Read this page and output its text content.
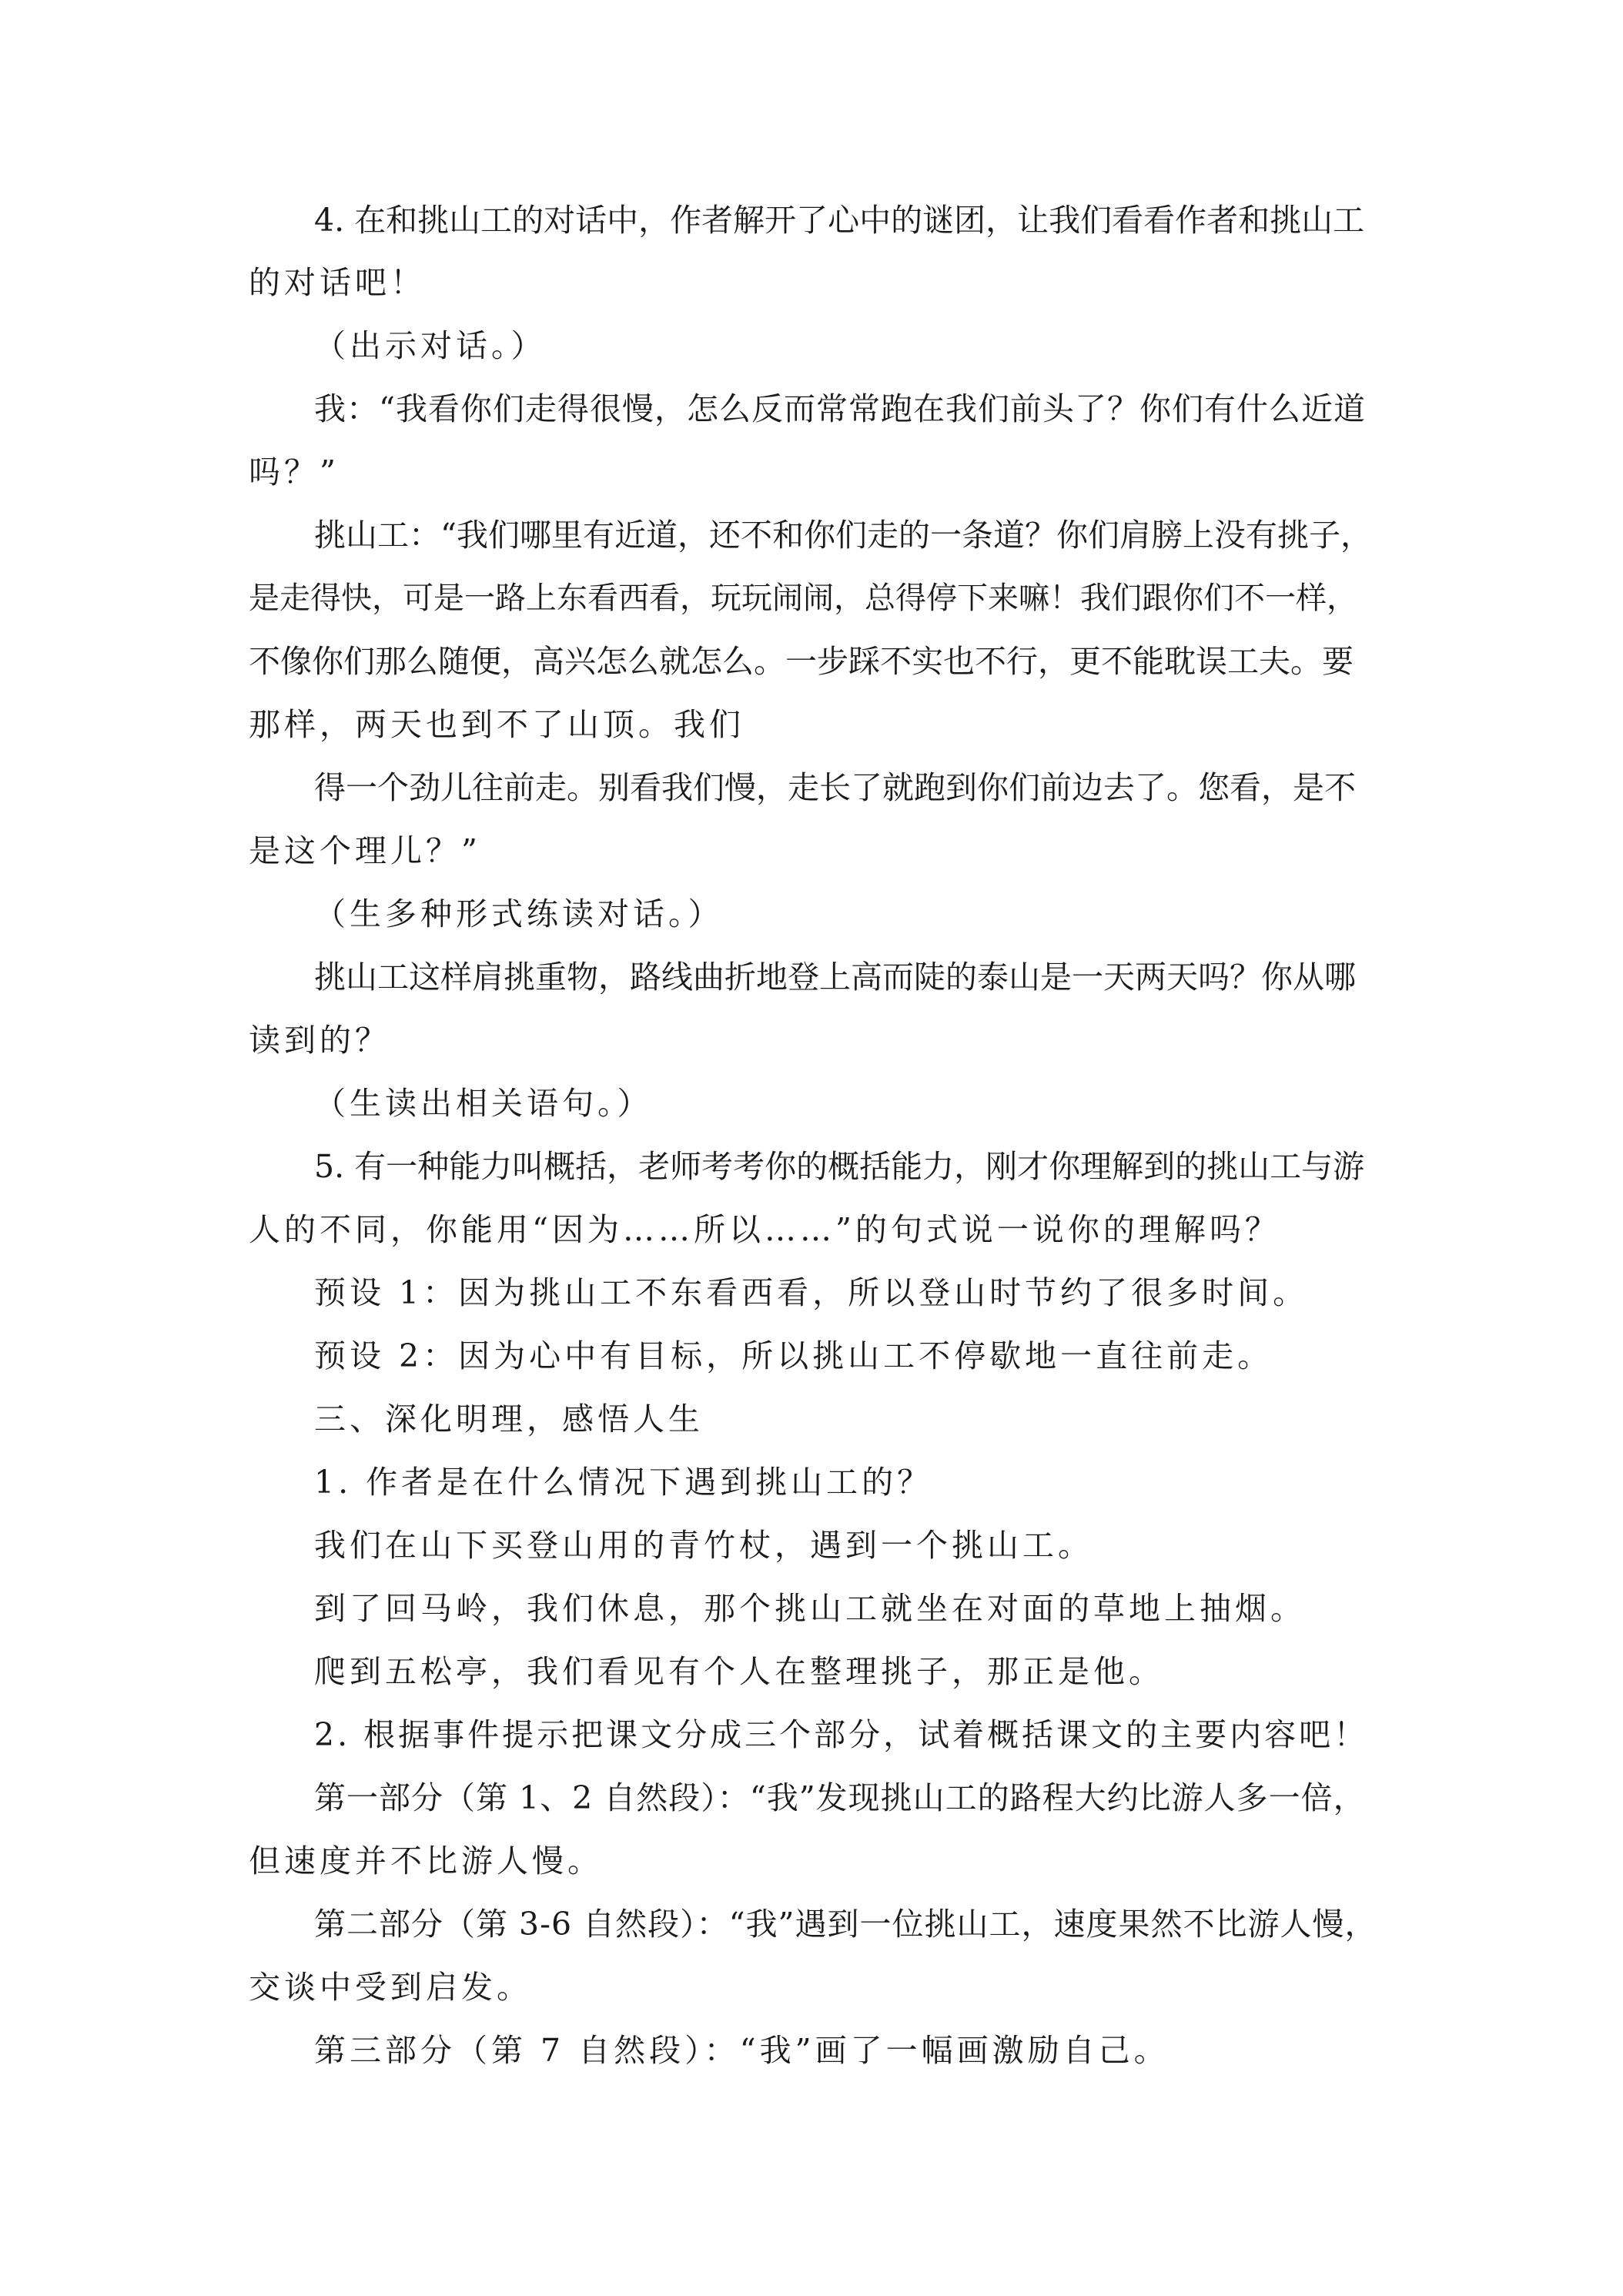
4. 在和挑山工的对话中，作者解开了心中的谜团，让我们看看作者和挑山工
的对话吧！
（出示对话。）
我：“我看你们走得很慢，怎么反而常常跑在我们前头了？你们有什么近道
吗？”
挑山工：“我们哪里有近道，还不和你们走的一条道？你们肩膀上没有挑子，
是走得快，可是一路上东看西看，玩玩闹闹，总得停下来嘛！我们跟你们不一样，
不像你们那么随便，高兴怎么就怎么。一步踩不实也不行，更不能耽误工夫。要
那样，两天也到不了山顶。我们
得一个劲儿往前走。别看我们慢，走长了就跑到你们前边去了。您看，是不
是这个理儿？”
（生多种形式练读对话。）
挑山工这样肩挑重物，路线曲折地登上高而陡的泰山是一天两天吗？你从哪
读到的？
（生读出相关语句。）
5. 有一种能力叫概括，老师考考你的概括能力，刚才你理解到的挑山工与游
人的不同，你能用“因为……所以……”的句式说一说你的理解吗？
预设 1：因为挑山工不东看西看，所以登山时节约了很多时间。
预设 2：因为心中有目标，所以挑山工不停歇地一直往前走。
三、深化明理，感悟人生
1. 作者是在什么情况下遇到挑山工的？
我们在山下买登山用的青竹杖，遇到一个挑山工。
到了回马岭，我们休息，那个挑山工就坐在对面的草地上抽烟。
爬到五松亭，我们看见有个人在整理挑子，那正是他。
2. 根据事件提示把课文分成三个部分，试着概括课文的主要内容吧！
第一部分（第 1、2 自然段）：“我”发现挑山工的路程大约比游人多一倍，
但速度并不比游人慢。
第二部分（第 3-6 自然段）：“我”遇到一位挑山工，速度果然不比游人慢，
交谈中受到启发。
第三部分（第 7 自然段）：“我”画了一幅画激励自己。
